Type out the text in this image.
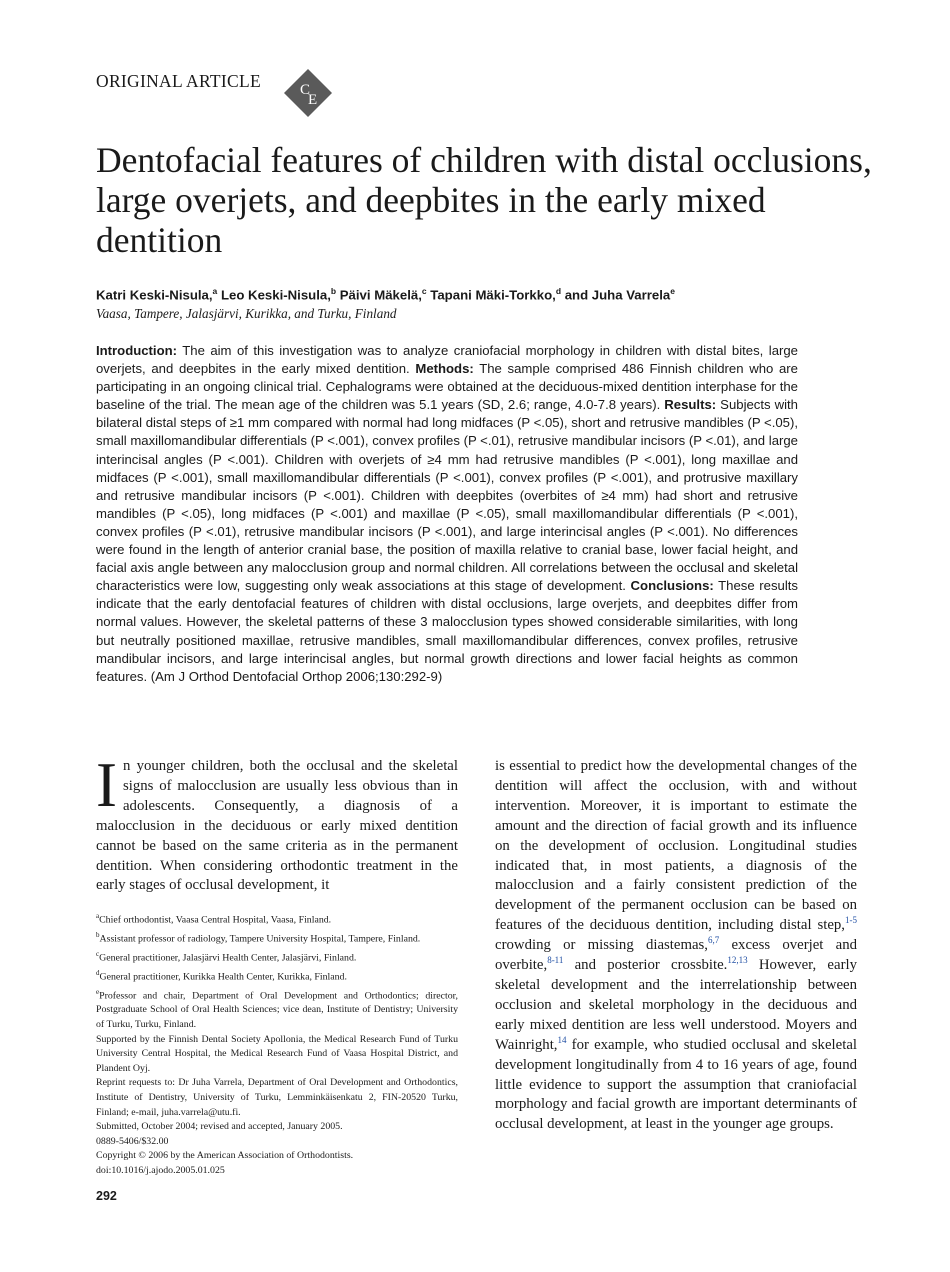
ORIGINAL ARTICLE	C
E
Dentofacial features of children with distal occlusions, large overjets, and deepbites in the early mixed dentition
Katri Keski-Nisula,$^a$ Leo Keski-Nisula,$^b$ Päivi Mäkelä,$^c$ Tapani Mäki-Torkko,$^d$ and Juha Varrela$^e$
Vaasa, Tampere, Jalasjärvi, Kurikka, and Turku, Finland

Introduction: The aim of this investigation was to analyze craniofacial morphology in children with distal bites, large overjets, and deepbites in the early mixed dentition. Methods: The sample comprised 486 Finnish children who are participating in an ongoing clinical trial. Cephalograms were obtained at the deciduous-mixed dentition interphase for the baseline of the trial. The mean age of the children was 5.1 years (SD, 2.6; range, 4.0-7.8 years). Results: Subjects with bilateral distal steps of ≥1 mm compared with normal had long midfaces (P <.05), short and retrusive mandibles (P <.05), small maxillomandibular differentials (P <.001), convex profiles (P <.01), retrusive mandibular incisors (P <.01), and large interincisal angles (P <.001). Children with overjets of ≥4 mm had retrusive mandibles (P <.001), long maxillae and midfaces (P <.001), small maxillomandibular differentials (P <.001), convex profiles (P <.001), and protrusive maxillary and retrusive mandibular incisors (P <.001). Children with deepbites (overbites of ≥4 mm) had short and retrusive mandibles (P <.05), long midfaces (P <.001) and maxillae (P <.05), small maxillomandibular differentials (P <.001), convex profiles (P <.01), retrusive mandibular incisors (P <.001), and large interincisal angles (P <.001). No differences were found in the length of anterior cranial base, the position of maxilla relative to cranial base, lower facial height, and facial axis angle between any malocclusion group and normal children. All correlations between the occlusal and skeletal characteristics were low, suggesting only weak associations at this stage of development. Conclusions: These results indicate that the early dentofacial features of children with distal occlusions, large overjets, and deepbites differ from normal values. However, the skeletal patterns of these 3 malocclusion types showed considerable similarities, with long but neutrally positioned maxillae, retrusive mandibles, small maxillomandibular differences, convex profiles, retrusive mandibular incisors, and large interincisal angles, but normal growth directions and lower facial heights as common features. (Am J Orthod Dentofacial Orthop 2006;130:292-9)

In younger children, both the occlusal and the skeletal signs of malocclusion are usually less obvious than in adolescents. Consequently, a diagnosis of a malocclusion in the deciduous or early mixed dentition cannot be based on the same criteria as in the permanent dentition. When considering orthodontic treatment in the early stages of occlusal development, it

$^a$Chief orthodontist, Vaasa Central Hospital, Vaasa, Finland.

$^b$Assistant professor of radiology, Tampere University Hospital, Tampere, Finland.

$^c$General practitioner, Jalasjärvi Health Center, Jalasjärvi, Finland.

$^d$General practitioner, Kurikka Health Center, Kurikka, Finland.

$^e$Professor and chair, Department of Oral Development and Orthodontics; director, Postgraduate School of Oral Health Sciences; vice dean, Institute of Dentistry; University of Turku, Turku, Finland.

Supported by the Finnish Dental Society Apollonia, the Medical Research Fund of Turku University Central Hospital, the Medical Research Fund of Vaasa Hospital District, and Plandent Oyj.

Reprint requests to: Dr Juha Varrela, Department of Oral Development and Orthodontics, Institute of Dentistry, University of Turku, Lemminkäisenkatu 2, FIN-20520 Turku, Finland; e-mail, juha.varrela@utu.fi.

Submitted, October 2004; revised and accepted, January 2005.

0889-5406/$32.00

Copyright © 2006 by the American Association of Orthodontists.

doi:10.1016/j.ajodo.2005.01.025

is essential to predict how the developmental changes of the dentition will affect the occlusion, with and without intervention. Moreover, it is important to estimate the amount and the direction of facial growth and its influence on the development of occlusion. Longitudinal studies indicated that, in most patients, a diagnosis of the malocclusion and a fairly consistent prediction of the development of the permanent occlusion can be based on features of the deciduous dentition, including distal step,$^{1-5}$ crowding or missing diastemas,$^{6,7}$ excess overjet and overbite,$^{8-11}$ and posterior crossbite.$^{12,13}$ However, early skeletal development and the interrelationship between occlusion and skeletal morphology in the deciduous and early mixed dentition are less well understood. Moyers and Wainright,$^{14}$ for example, who studied occlusal and skeletal development longitudinally from 4 to 16 years of age, found little evidence to support the assumption that craniofacial morphology and facial growth are important determinants of occlusal development, at least in the younger age groups.

292
